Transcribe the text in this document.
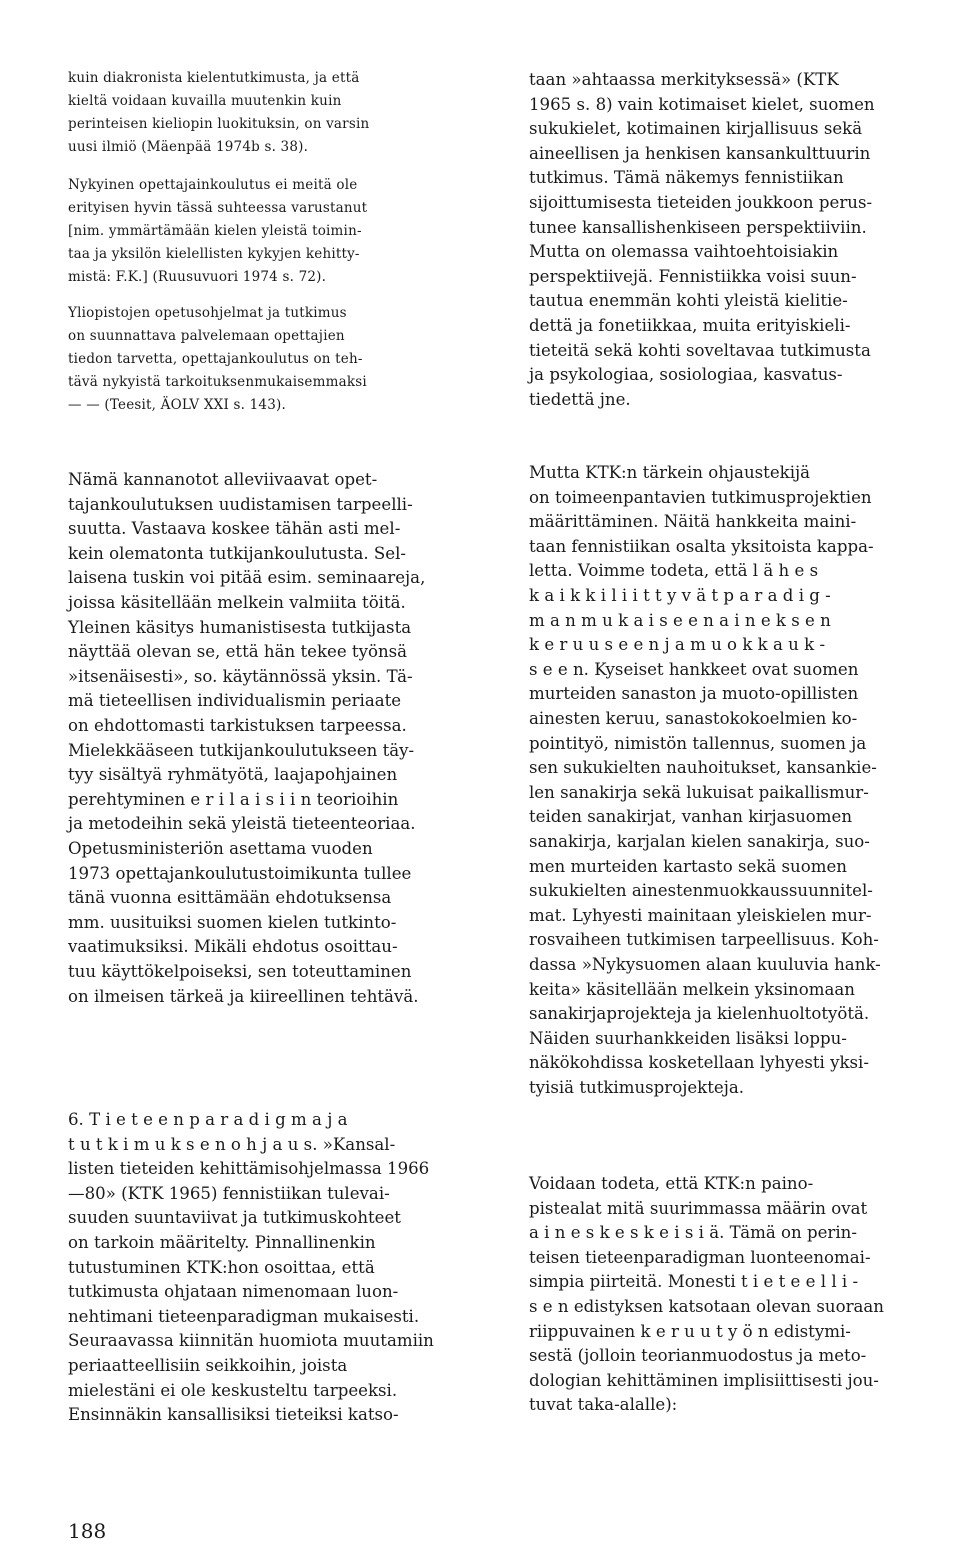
kuin diakronista kielentutkimusta, ja että
kieltä voidaan kuvailla muutenkin kuin
perinteisen kieliopin luokituksin, on varsin
uusi ilmiö (Mäenpää 1974b s. 38).
Nykyinen opettajainkoulutus ei meitä ole
erityisen hyvin tässä suhteessa varustanut
[nim. ymmärtämään kielen yleistä toimin-
taa ja yksilön kielellisten kykyjen kehitty-
mistä: F.K.] (Ruusuvuori 1974 s. 72).
Yliopistojen opetusohjelmat ja tutkimus
on suunnattava palvelemaan opettajien
tiedon tarvetta, opettajankoulutus on teh-
tävä nykyistä tarkoituksenmukaisemmaksi
— — (Teesit, ÄOLV XXI s. 143).
Nämä kannanotot alleviivaavat opet-
tajankoulutuksen uudistamisen tarpeelli-
suutta. Vastaava koskee tähän asti mel-
kein olematonta tutkijankoulutusta. Sel-
laisena tuskin voi pitää esim. seminaareja,
joissa käsitellään melkein valmiita töitä.
Yleinen käsitys humanistisesta tutkijasta
näyttää olevan se, että hän tekee työnsä
»itsenäisesti», so. käytännössä yksin. Tä-
mä tieteellisen individualismin periaate
on ehdottomasti tarkistuksen tarpeessa.
Mielekkääseen tutkijankoulutukseen täy-
tyy sisältyä ryhmätyötä, laajapohjainen
perehtyminen e r i l a i s i i n teorioihin
ja metodeihin sekä yleistä tieteenteoriaa.
Opetusministeriön asettama vuoden
1973 opettajankoulutustoimikunta tullee
tänä vuonna esittämään ehdotuksensa
mm. uusituiksi suomen kielen tutkinto-
vaatimuksiksi. Mikäli ehdotus osoittau-
tuu käyttökelpoiseksi, sen toteuttaminen
on ilmeisen tärkeä ja kiireellinen tehtävä.
6. T i e t e e n p a r a d i g m a j a
t u t k i m u k s e n o h j a u s. »Kansal-
listen tieteiden kehittämisohjelmassa 1966
—80» (KTK 1965) fennistiikan tulevai-
suuden suuntaviivat ja tutkimuskohteet
on tarkoin määritelty. Pinnallinenkin
tutustuminen KTK:hon osoittaa, että
tutkimusta ohjataan nimenomaan luon-
nehtimani tieteenparadigman mukaisesti.
Seuraavassa kiinnitän huomiota muutamiin
periaatteellisiin seikkoihin, joista
mielestäni ei ole keskusteltu tarpeeksi.
Ensinnäkin kansallisiksi tieteiksi katso-
taan »ahtaassa merkityksessä» (KTK
1965 s. 8) vain kotimaiset kielet, suomen
sukukielet, kotimainen kirjallisuus sekä
aineellisen ja henkisen kansankulttuurin
tutkimus. Tämä näkemys fennistiikan
sijoittumisesta tieteiden joukkoon perus-
tunee kansallishenkiseen perspektiiviin.
Mutta on olemassa vaihtoehtoisiakin
perspektiivejä. Fennistiikka voisi suun-
tautua enemmän kohti yleistä kielitie-
dettä ja fonetiikkaa, muita erityiskieli-
tieteitä sekä kohti soveltavaa tutkimusta
ja psykologiaa, sosiologiaa, kasvatus-
tiedettä jne.
Mutta KTK:n tärkein ohjaustekijä
on toimeenpantavien tutkimusprojektien
määrittäminen. Näitä hankkeita maini-
taan fennistiikan osalta yksitoista kappa-
letta. Voimme todeta, että l ä h e s
k a i k k i l i i t t y v ä t p a r a d i g -
m a n m u k a i s e e n a i n e k s e n
k e r u u s e e n j a m u o k k a u k -
s e e n. Kyseiset hankkeet ovat suomen
murteiden sanaston ja muoto-opillisten
ainesten keruu, sanastokokoelmien ko-
pointityö, nimistön tallennus, suomen ja
sen sukukielten nauhoitukset, kansankie-
len sanakirja sekä lukuisat paikallismur-
teiden sanakirjat, vanhan kirjasuomen
sanakirja, karjalan kielen sanakirja, suo-
men murteiden kartasto sekä suomen
sukukielten ainestenmuokkaussuunnitel-
mat. Lyhyesti mainitaan yleiskielen mur-
rosvaiheen tutkimisen tarpeellisuus. Koh-
dassa »Nykysuomen alaan kuuluvia hank-
keita» käsitellään melkein yksinomaan
sanakirjaprojekteja ja kielenhuoltotyötä.
Näiden suurhankkeiden lisäksi loppu-
näkökohdissa kosketellaan lyhyesti yksi-
tyisiä tutkimusprojekteja.
Voidaan todeta, että KTK:n paino-
pistealat mitä suurimmassa määrin ovat
a i n e s k e s k e i s i ä. Tämä on perin-
teisen tieteenparadigman luonteenomai-
simpia piirteitä. Monesti t i e t e e l l i -
s e n edistyksen katsotaan olevan suoraan
riippuvainen k e r u u t y ö n edistymi-
sestä (jolloin teorianmuodostus ja meto-
dologian kehittäminen implisiittisesti jou-
tuvat taka-alalle):
188
